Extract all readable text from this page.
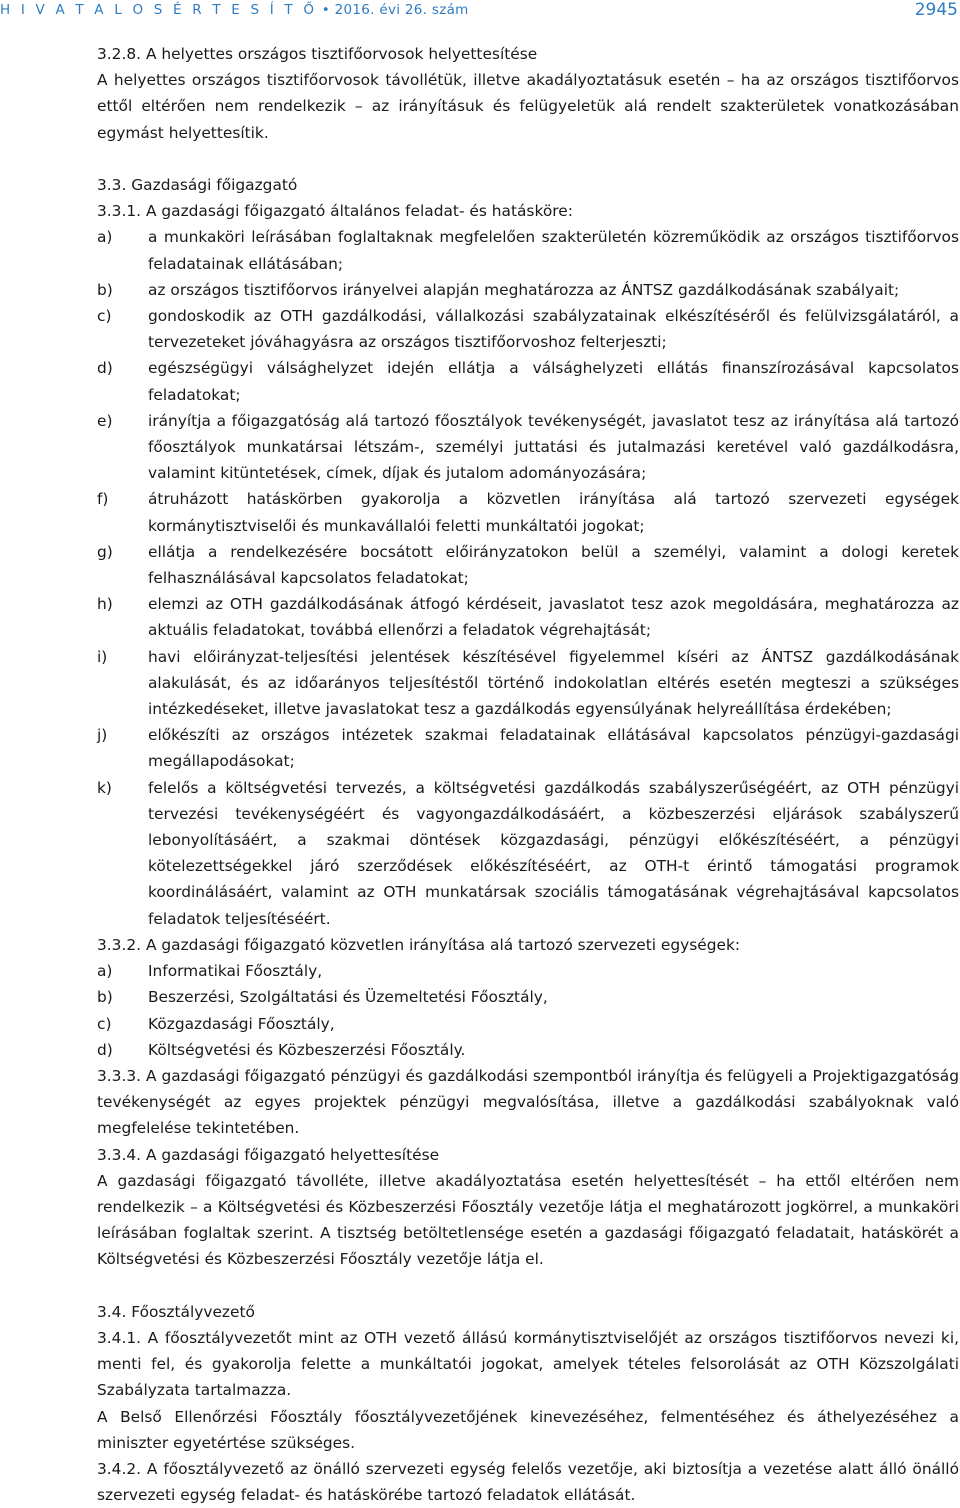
H I V A T A L O S É R T E S Í T Ő • 2016. évi 26. szám	2945

3.2.8. A helyettes országos tisztifőorvosok helyettesítése

A helyettes országos tisztifőorvosok távollétük, illetve akadályoztatásuk esetén – ha az országos tisztifőorvos ettől eltérően nem rendelkezik – az irányításuk és felügyeletük alá rendelt szakterületek vonatkozásában egymást helyettesítik.

3.3. Gazdasági főigazgató

3.3.1. A gazdasági főigazgató általános feladat- és hatásköre:

a)	a munkaköri leírásában foglaltaknak megfelelően szakterületén közreműködik az országos tisztifőorvos feladatainak ellátásában;
b)	az országos tisztifőorvos irányelvei alapján meghatározza az ÁNTSZ gazdálkodásának szabályait;
c)	gondoskodik az OTH gazdálkodási, vállalkozási szabályzatainak elkészítéséről és felülvizsgálatáról, a tervezeteket jóváhagyásra az országos tisztifőorvoshoz felterjeszti;
d)	egészségügyi válsághelyzet idején ellátja a válsághelyzeti ellátás finanszírozásával kapcsolatos feladatokat;
e)	irányítja a főigazgatóság alá tartozó főosztályok tevékenységét, javaslatot tesz az irányítása alá tartozó főosztályok munkatársai létszám-, személyi juttatási és jutalmazási keretével való gazdálkodásra, valamint kitüntetések, címek, díjak és jutalom adományozására;
f)	átruházott hatáskörben gyakorolja a közvetlen irányítása alá tartozó szervezeti egységek kormánytisztviselői és munkavállalói feletti munkáltatói jogokat;
g)	ellátja a rendelkezésére bocsátott előirányzatokon belül a személyi, valamint a dologi keretek felhasználásával kapcsolatos feladatokat;
h)	elemzi az OTH gazdálkodásának átfogó kérdéseit, javaslatot tesz azok megoldására, meghatározza az aktuális feladatokat, továbbá ellenőrzi a feladatok végrehajtását;
i)	havi előirányzat-teljesítési jelentések készítésével figyelemmel kíséri az ÁNTSZ gazdálkodásának alakulását, és az időarányos teljesítéstől történő indokolatlan eltérés esetén megteszi a szükséges intézkedéseket, illetve javaslatokat tesz a gazdálkodás egyensúlyának helyreállítása érdekében;
j)	előkészíti az országos intézetek szakmai feladatainak ellátásával kapcsolatos pénzügyi-gazdasági megállapodásokat;
k)	felelős a költségvetési tervezés, a költségvetési gazdálkodás szabályszerűségéért, az OTH pénzügyi tervezési tevékenységéért és vagyongazdálkodásáért, a közbeszerzési eljárások szabályszerű lebonyolításáért, a szakmai döntések közgazdasági, pénzügyi előkészítéséért, a pénzügyi kötelezettségekkel járó szerződések előkészítéséért, az OTH-t érintő támogatási programok koordinálásáért, valamint az OTH munkatársak szociális támogatásának végrehajtásával kapcsolatos feladatok teljesítéséért.

3.3.2. A gazdasági főigazgató közvetlen irányítása alá tartozó szervezeti egységek:

a)	Informatikai Főosztály,
b)	Beszerzési, Szolgáltatási és Üzemeltetési Főosztály,
c)	Közgazdasági Főosztály,
d)	Költségvetési és Közbeszerzési Főosztály.

3.3.3. A gazdasági főigazgató pénzügyi és gazdálkodási szempontból irányítja és felügyeli a Projektigazgatóság tevékenységét az egyes projektek pénzügyi megvalósítása, illetve a gazdálkodási szabályoknak való megfelelése tekintetében.

3.3.4. A gazdasági főigazgató helyettesítése

A gazdasági főigazgató távolléte, illetve akadályoztatása esetén helyettesítését – ha ettől eltérően nem rendelkezik – a Költségvetési és Közbeszerzési Főosztály vezetője látja el meghatározott jogkörrel, a munkaköri leírásában foglaltak szerint. A tisztség betöltetlensége esetén a gazdasági főigazgató feladatait, hatáskörét a Költségvetési és Közbeszerzési Főosztály vezetője látja el.

3.4. Főosztályvezető

3.4.1. A főosztályvezetőt mint az OTH vezető állású kormánytisztviselőjét az országos tisztifőorvos nevezi ki, menti fel, és gyakorolja felette a munkáltatói jogokat, amelyek tételes felsorolását az OTH Közszolgálati Szabályzata tartalmazza.

A Belső Ellenőrzési Főosztály főosztályvezetőjének kinevezéséhez, felmentéséhez és áthelyezéséhez a miniszter egyetértése szükséges.

3.4.2. A főosztályvezető az önálló szervezeti egység felelős vezetője, aki biztosítja a vezetése alatt álló önálló szervezeti egység feladat- és hatáskörébe tartozó feladatok ellátását.
